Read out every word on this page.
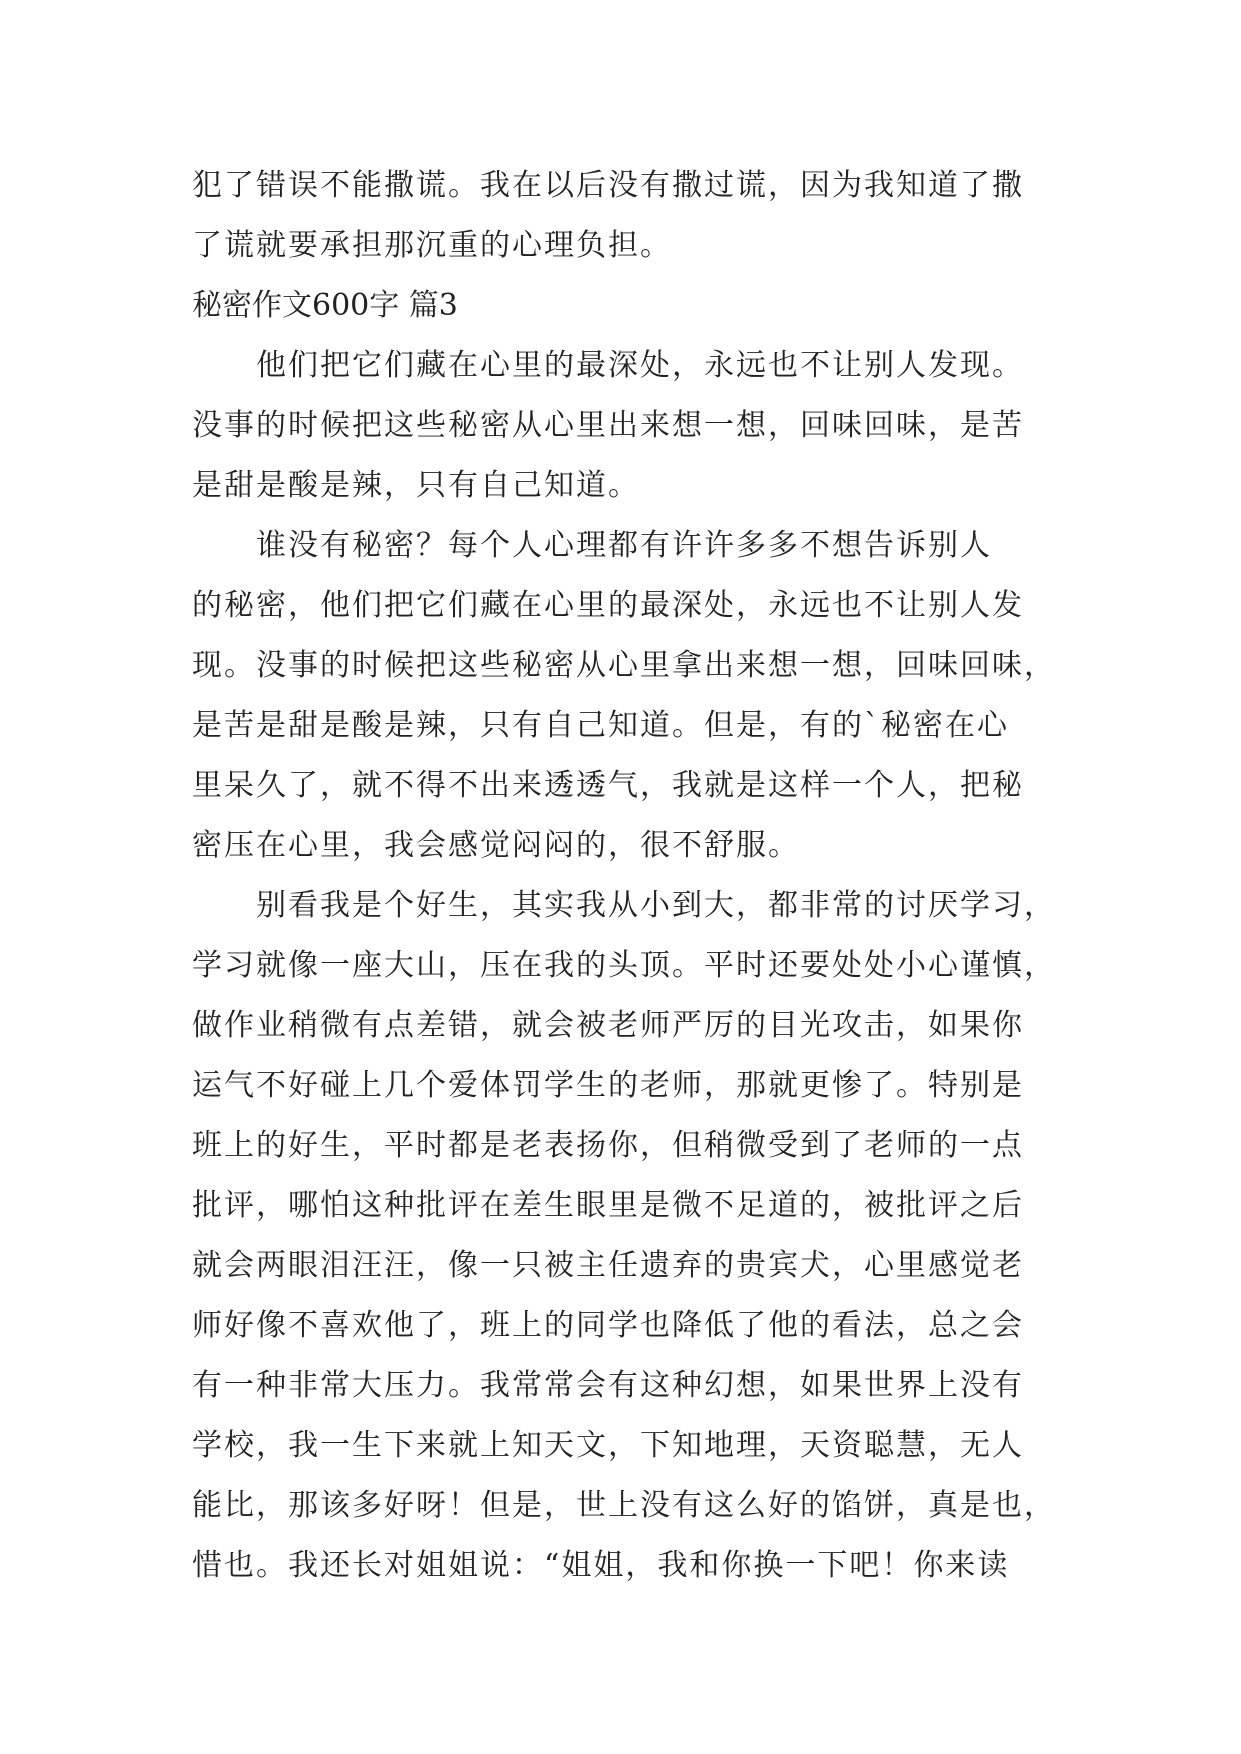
犯了错误不能撒谎。我在以后没有撒过谎，因为我知道了撒
了谎就要承担那沉重的心理负担。
秘密作文600字 篇3
　　他们把它们藏在心里的最深处，永远也不让别人发现。
没事的时候把这些秘密从心里出来想一想，回味回味，是苦
是甜是酸是辣，只有自己知道。
　　谁没有秘密？每个人心理都有许许多多不想告诉别人
的秘密，他们把它们藏在心里的最深处，永远也不让别人发
现。没事的时候把这些秘密从心里拿出来想一想，回味回味，
是苦是甜是酸是辣，只有自己知道。但是，有的`秘密在心
里呆久了，就不得不出来透透气，我就是这样一个人，把秘
密压在心里，我会感觉闷闷的，很不舒服。
　　别看我是个好生，其实我从小到大，都非常的讨厌学习，
学习就像一座大山，压在我的头顶。平时还要处处小心谨慎，
做作业稍微有点差错，就会被老师严厉的目光攻击，如果你
运气不好碰上几个爱体罚学生的老师，那就更惨了。特别是
班上的好生，平时都是老表扬你，但稍微受到了老师的一点
批评，哪怕这种批评在差生眼里是微不足道的，被批评之后
就会两眼泪汪汪，像一只被主任遗弃的贵宾犬，心里感觉老
师好像不喜欢他了，班上的同学也降低了他的看法，总之会
有一种非常大压力。我常常会有这种幻想，如果世界上没有
学校，我一生下来就上知天文，下知地理，天资聪慧，无人
能比，那该多好呀！但是，世上没有这么好的馅饼，真是也，
惜也。我还长对姐姐说：“姐姐，我和你换一下吧！你来读
